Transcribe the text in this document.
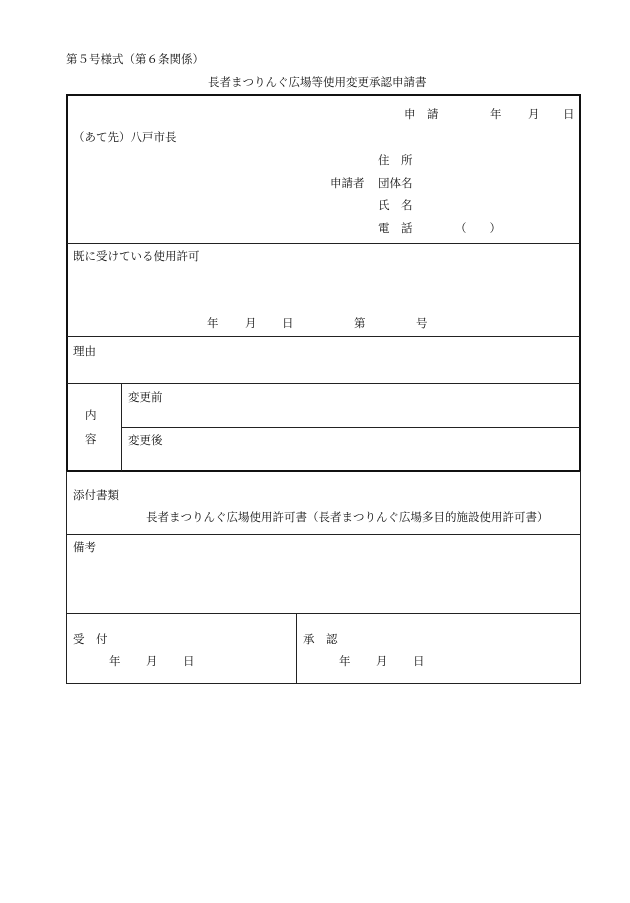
第５号様式（第６条関係）
長者まつりんぐ広場等使用変更承認申請書
申　請	年 月 日
（あて先）八戸市長
住　所
申請者 団体名
氏　名
電　話	（　　）
既に受けている使用許可
年 月 日	第	号
理由
内
容
変更前
変更後
添付書類
長者まつりんぐ広場使用許可書（長者まつりんぐ広場多目的施設使用許可書）
備考
受　付
年 月 日
承　認
年 月 日
